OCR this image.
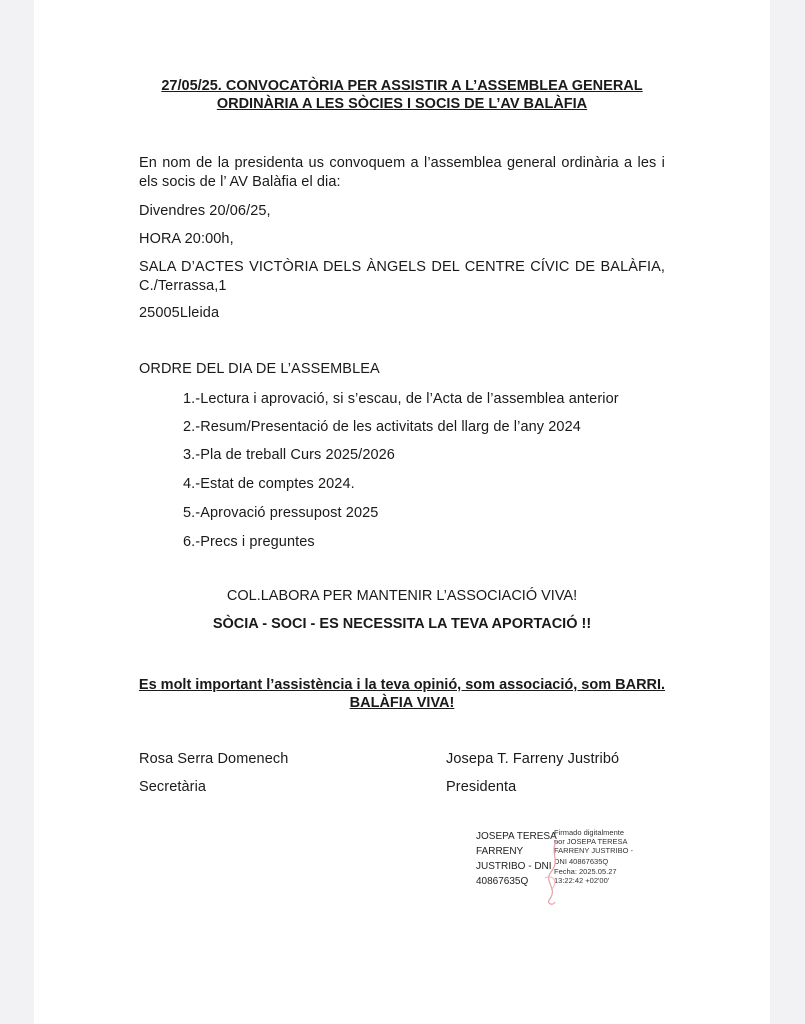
27/05/25. CONVOCATÒRIA PER ASSISTIR A L’ASSEMBLEA GENERAL
ORDINÀRIA A LES SÒCIES I SOCIS DE L’AV BALÀFIA
En nom de la presidenta us convoquem a l’assemblea general ordinària a les i
els socis de l’ AV Balàfia el dia:
Divendres 20/06/25,
HORA 20:00h,
SALA D’ACTES VICTÒRIA DELS ÀNGELS DEL CENTRE CÍVIC DE BALÀFIA,
C./Terrassa,1
25005Lleida
ORDRE DEL DIA DE L’ASSEMBLEA
1.-Lectura i aprovació, si s’escau, de l’Acta de l’assemblea anterior
2.-Resum/Presentació de les activitats del llarg de l’any 2024
3.-Pla de treball Curs 2025/2026
4.-Estat de comptes 2024.
5.-Aprovació pressupost 2025
6.-Precs i preguntes
COL.LABORA PER MANTENIR L’ASSOCIACIÓ VIVA!
SÒCIA - SOCI - ES NECESSITA LA TEVA APORTACIÓ !!
Es molt important l’assistència i la teva opinió, som associació, som BARRI.
BALÀFIA VIVA!
Rosa Serra Domenech
Secretària
Josepa T. Farreny Justribó
Presidenta
JOSEPA TERESA
FARRENY
JUSTRIBO - DNI
40867635Q
Firmado digitalmente
por JOSEPA TERESA
FARRENY JUSTRIBO -
DNI 40867635Q
Fecha: 2025.05.27
13:22:42 +02'00'
